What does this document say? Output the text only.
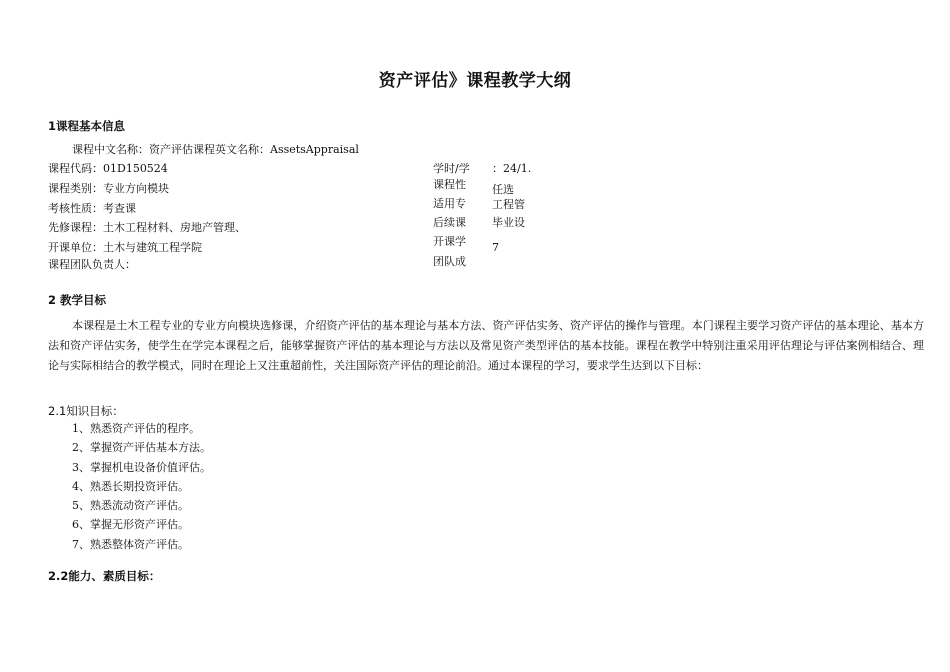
资产评估》课程教学大纲
1课程基本信息
课程中文名称：资产评估课程英文名称：AssetsAppraisal
课程代码：01D150524
课程类别：专业方向模块
考核性质：考查课
先修课程：土木工程材料、房地产管理、
开课单位：土木与建筑工程学院
课程团队负责人：
学时/学
课程性
适用专
后续课
开课学
团队成
：24/1.
任选
工程管
毕业设
7
2 教学目标
本课程是土木工程专业的专业方向模块选修课，介绍资产评估的基本理论与基本方法、资产评估实务、资产评估的操作与管理。本门课程主要学习资产评估的基本理论、基本方法和资产评估实务，使学生在学完本课程之后，能够掌握资产评估的基本理论与方法以及常见资产类型评估的基本技能。课程在教学中特别注重采用评估理论与评估案例相结合、理论与实际相结合的教学模式，同时在理论上又注重超前性，关注国际资产评估的理论前沿。通过本课程的学习，要求学生达到以下目标：
2.1知识目标：
1、熟悉资产评估的程序。
2、掌握资产评估基本方法。
3、掌握机电设备价值评估。
4、熟悉长期投资评估。
5、熟悉流动资产评估。
6、掌握无形资产评估。
7、熟悉整体资产评估。
2.2能力、素质目标：
